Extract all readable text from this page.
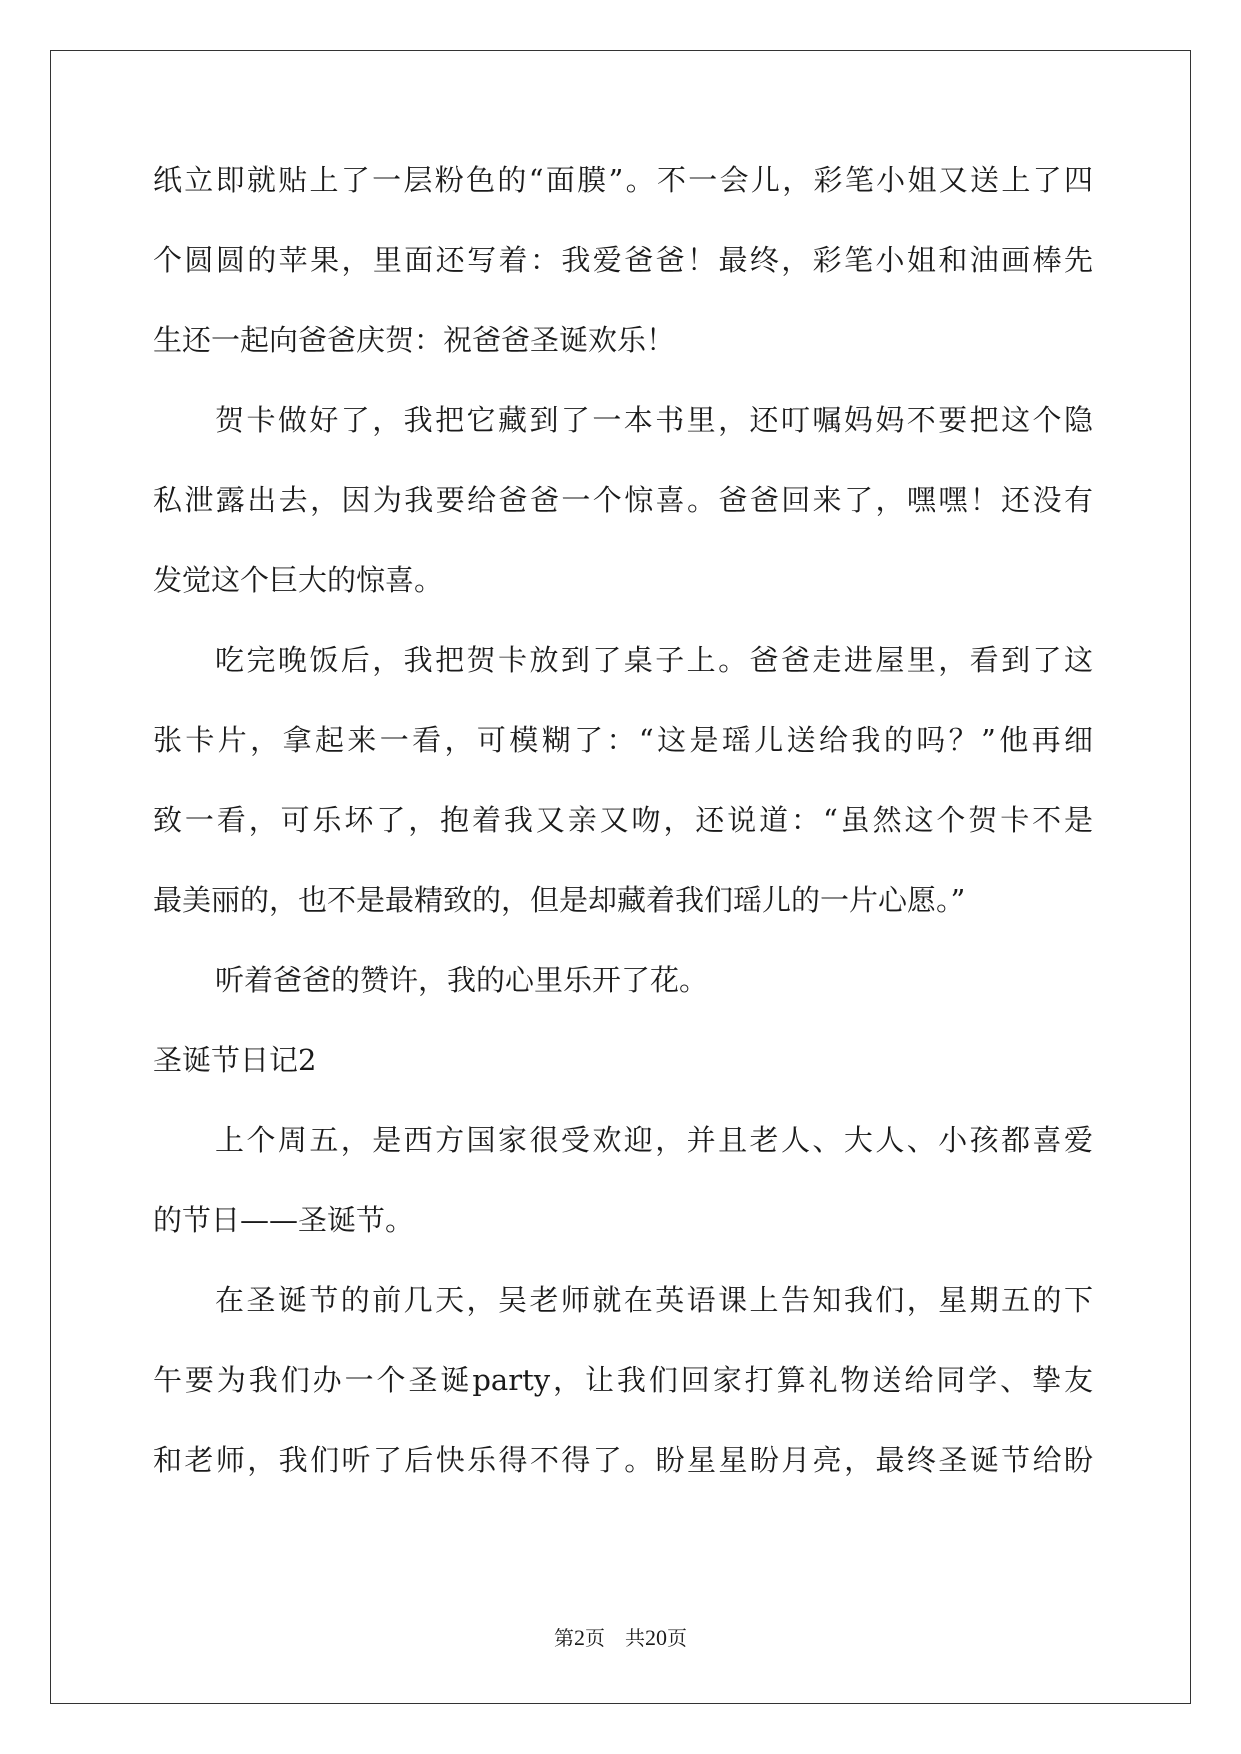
纸立即就贴上了一层粉色的“面膜”。不一会儿，彩笔小姐又送上了四
个圆圆的苹果，里面还写着：我爱爸爸！最终，彩笔小姐和油画棒先
生还一起向爸爸庆贺：祝爸爸圣诞欢乐！
贺卡做好了，我把它藏到了一本书里，还叮嘱妈妈不要把这个隐
私泄露出去，因为我要给爸爸一个惊喜。爸爸回来了，嘿嘿！还没有
发觉这个巨大的惊喜。
吃完晚饭后，我把贺卡放到了桌子上。爸爸走进屋里，看到了这
张卡片，拿起来一看，可模糊了：“这是瑶儿送给我的吗？”他再细
致一看，可乐坏了，抱着我又亲又吻，还说道：“虽然这个贺卡不是
最美丽的，也不是最精致的，但是却藏着我们瑶儿的一片心愿。”
听着爸爸的赞许，我的心里乐开了花。
圣诞节日记2
上个周五，是西方国家很受欢迎，并且老人、大人、小孩都喜爱
的节日——圣诞节。
在圣诞节的前几天，吴老师就在英语课上告知我们，星期五的下
午要为我们办一个圣诞party，让我们回家打算礼物送给同学、挚友
和老师，我们听了后快乐得不得了。盼星星盼月亮，最终圣诞节给盼
第2页 共20页
